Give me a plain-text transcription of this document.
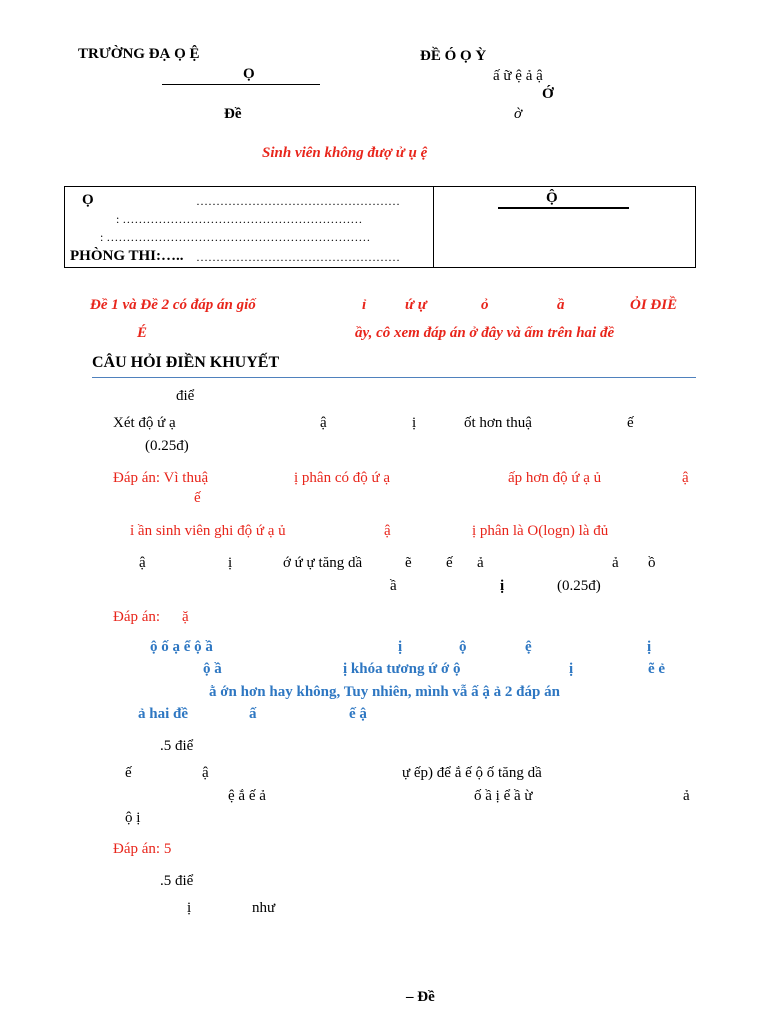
TRƯỜNG ĐẠ Ọ Ệ
Ọ
Đề
ĐỀ Ó Ọ Ỳ
ấ ữ ệ ả ậ
Ớ
ờ
Sinh viên không đượ ử ụ ệ
Ọ	……………………………………………
: ……………………………………………………
: …………………………………………………………
PHÒNG THI:….. ……………………………………………
Ộ
Đề 1 và Đề 2 có đáp án giố	ỉ	ứ ự	ỏ	ầ	ỎI ĐIỀ
É	ầy, cô xem đáp án ở đây và ấm trên hai đề
CÂU HỎI ĐIỀN KHUYẾT
điể
Xét độ ứ ạ	ậ	ị	ốt hơn thuậ	ế
(0.25đ)
Đáp án: Vì thuậ	ị phân có độ ứ ạ	ấp hơn độ ứ ạ ủ	ậ
ế
ỉ ần sinh viên ghi độ ứ ạ ủ	ậ	ị phân là O(logn) là đủ
ậ	ị	ớ ứ ự tăng dầ	ẽ ế ả	ả ồ
ầ	ị	(0.25đ)
Đáp án: ặ
ộ ố ạ ể ộ ầ	ị	ộ	ệ	ị
ộ ầ	ị khóa tương ứ ớ ộ	ị	ẽ ẻ
ằ ớn hơn hay không, Tuy nhiên, mình vẫ ấ ậ ả 2 đáp án
ả hai đề	ấ	ế ậ
.5 điể
ế	ậ	ự ếp) để ắ ế ộ ố tăng dầ
ệ ắ ế ả	ố ầ ị ể ầ ừ	ả
ộ ị
Đáp án: 5
.5 điể
ị	như
– Đề
